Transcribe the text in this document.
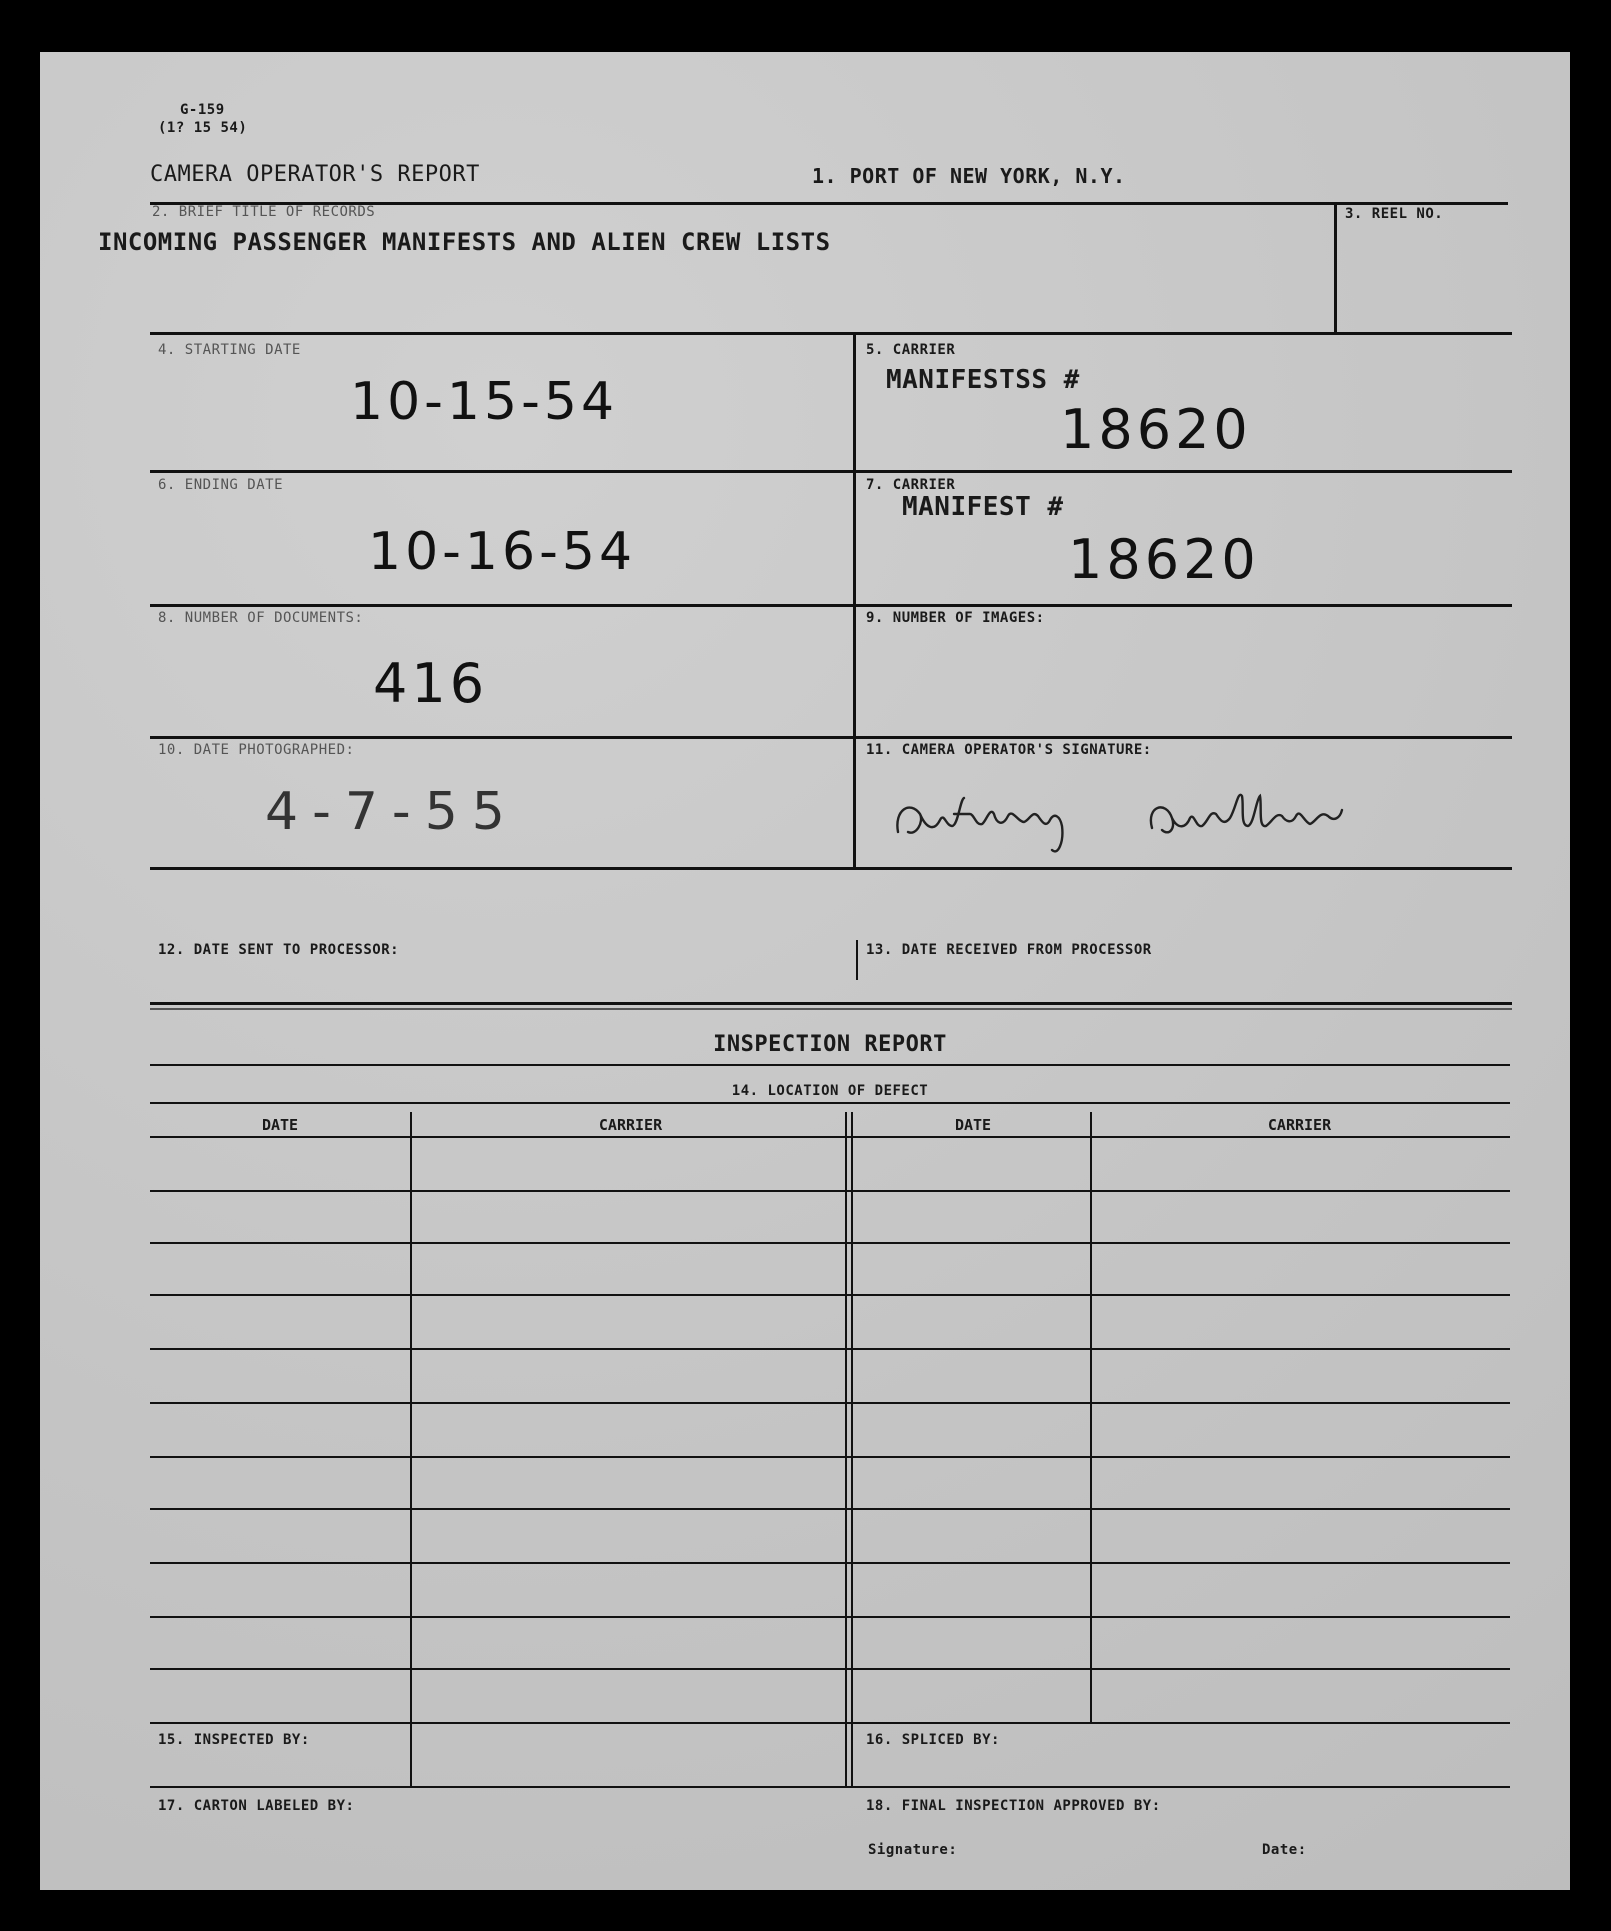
G-159
(1? 15 54)
CAMERA OPERATOR'S REPORT	1. PORT OF NEW YORK, N.Y.
2. BRIEF TITLE OF RECORDS
INCOMING PASSENGER MANIFESTS AND ALIEN CREW LISTS
3. REEL NO.
4. STARTING DATE
10-15-54
5. CARRIER
MANIFESTSS #
18620
6. ENDING DATE
10-16-54
7. CARRIER
MANIFEST #
18620
8. NUMBER OF DOCUMENTS:
416
9. NUMBER OF IMAGES:
10. DATE PHOTOGRAPHED:
4-7-55
11. CAMERA OPERATOR'S SIGNATURE:
12. DATE SENT TO PROCESSOR:	13. DATE RECEIVED FROM PROCESSOR
INSPECTION REPORT
14. LOCATION OF DEFECT
DATE	CARRIER	DATE	CARRIER
15. INSPECTED BY:	16. SPLICED BY:
17. CARTON LABELED BY:	18. FINAL INSPECTION APPROVED BY:
Signature:	Date:
